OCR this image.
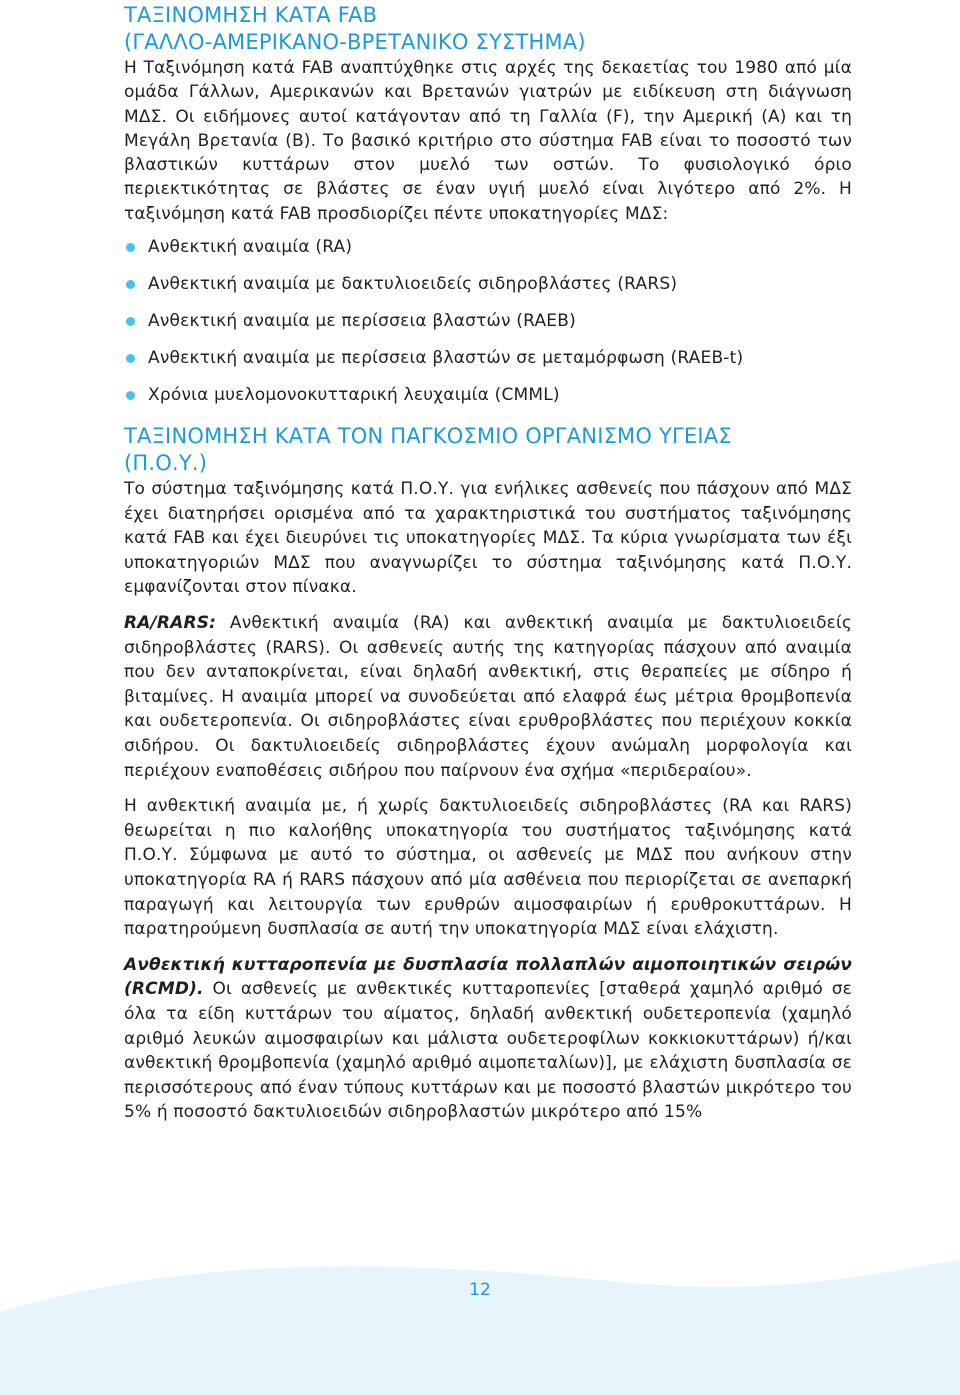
ΤΑΞΙΝΟΜΗΣΗ ΚΑΤΑ FAB
(ΓΑΛΛΟ-ΑΜΕΡΙΚΑΝΟ-ΒΡΕΤΑΝΙΚΟ ΣΥΣΤΗΜΑ)

Η Ταξινόμηση κατά FAB αναπτύχθηκε στις αρχές της δεκαετίας του 1980 από μία ομάδα Γάλλων, Αμερικανών και Βρετανών γιατρών με ειδίκευση στη διάγνωση ΜΔΣ. Οι ειδήμονες αυτοί κατάγονταν από τη Γαλλία (F), την Αμερική (A) και τη Μεγάλη Βρετανία (B). Το βασικό κριτήριο στο σύστημα FAB είναι το ποσοστό των βλαστικών κυττάρων στον μυελό των οστών. Το φυσιολογικό όριο περιεκτικότητας σε βλάστες σε έναν υγιή μυελό είναι λιγότερο από 2%. Η ταξινόμηση κατά FAB προσδιορίζει πέντε υποκατηγορίες ΜΔΣ:

Ανθεκτική αναιμία (RA)
Ανθεκτική αναιμία με δακτυλιοειδείς σιδηροβλάστες (RARS)
Ανθεκτική αναιμία με περίσσεια βλαστών (RAEB)
Ανθεκτική αναιμία με περίσσεια βλαστών σε μεταμόρφωση (RAEB-t)
Χρόνια μυελομονοκυτταρική λευχαιμία (CMML)
ΤΑΞΙΝΟΜΗΣΗ ΚΑΤΑ ΤΟΝ ΠΑΓΚΟΣΜΙΟ ΟΡΓΑΝΙΣΜΟ ΥΓΕΙΑΣ
(Π.Ο.Υ.)

Το σύστημα ταξινόμησης κατά Π.Ο.Υ. για ενήλικες ασθενείς που πάσχουν από ΜΔΣ έχει διατηρήσει ορισμένα από τα χαρακτηριστικά του συστήματος ταξινόμησης κατά FAB και έχει διευρύνει τις υποκατηγορίες ΜΔΣ. Τα κύρια γνωρίσματα των έξι υποκατηγοριών ΜΔΣ που αναγνωρίζει το σύστημα ταξινόμησης κατά Π.Ο.Υ. εμφανίζονται στον πίνακα.

RA/RARS: Ανθεκτική αναιμία (RA) και ανθεκτική αναιμία με δακτυλιοειδείς σιδηροβλάστες (RARS). Οι ασθενείς αυτής της κατηγορίας πάσχουν από αναιμία που δεν ανταποκρίνεται, είναι δηλαδή ανθεκτική, στις θεραπείες με σίδηρο ή βιταμίνες. Η αναιμία μπορεί να συνοδεύεται από ελαφρά έως μέτρια θρομβοπενία και ουδετεροπενία. Οι σιδηροβλάστες είναι ερυθροβλάστες που περιέχουν κοκκία σιδήρου. Οι δακτυλιοειδείς σιδηροβλάστες έχουν ανώμαλη μορφολογία και περιέχουν εναποθέσεις σιδήρου που παίρνουν ένα σχήμα «περιδεραίου».

Η ανθεκτική αναιμία με, ή χωρίς δακτυλιοειδείς σιδηροβλάστες (RA και RARS) θεωρείται η πιο καλοήθης υποκατηγορία του συστήματος ταξινόμησης κατά Π.Ο.Υ. Σύμφωνα με αυτό το σύστημα, οι ασθενείς με ΜΔΣ που ανήκουν στην υποκατηγορία RA ή RARS πάσχουν από μία ασθένεια που περιορίζεται σε ανεπαρκή παραγωγή και λειτουργία των ερυθρών αιμοσφαιρίων ή ερυθροκυττάρων. Η παρατηρούμενη δυσπλασία σε αυτή την υποκατηγορία ΜΔΣ είναι ελάχιστη.

Ανθεκτική κυτταροπενία με δυσπλασία πολλαπλών αιμοποιητικών σειρών (RCMD). Οι ασθενείς με ανθεκτικές κυτταροπενίες [σταθερά χαμηλό αριθμό σε όλα τα είδη κυττάρων του αίματος, δηλαδή ανθεκτική ουδετεροπενία (χαμηλό αριθμό λευκών αιμοσφαιρίων και μάλιστα ουδετεροφίλων κοκκιοκυττάρων) ή/και ανθεκτική θρομβοπενία (χαμηλό αριθμό αιμοπεταλίων)], με ελάχιστη δυσπλασία σε περισσότερους από έναν τύπους κυττάρων και με ποσοστό βλαστών μικρότερο του 5% ή ποσοστό δακτυλιοειδών σιδηροβλαστών μικρότερο από 15%

12
